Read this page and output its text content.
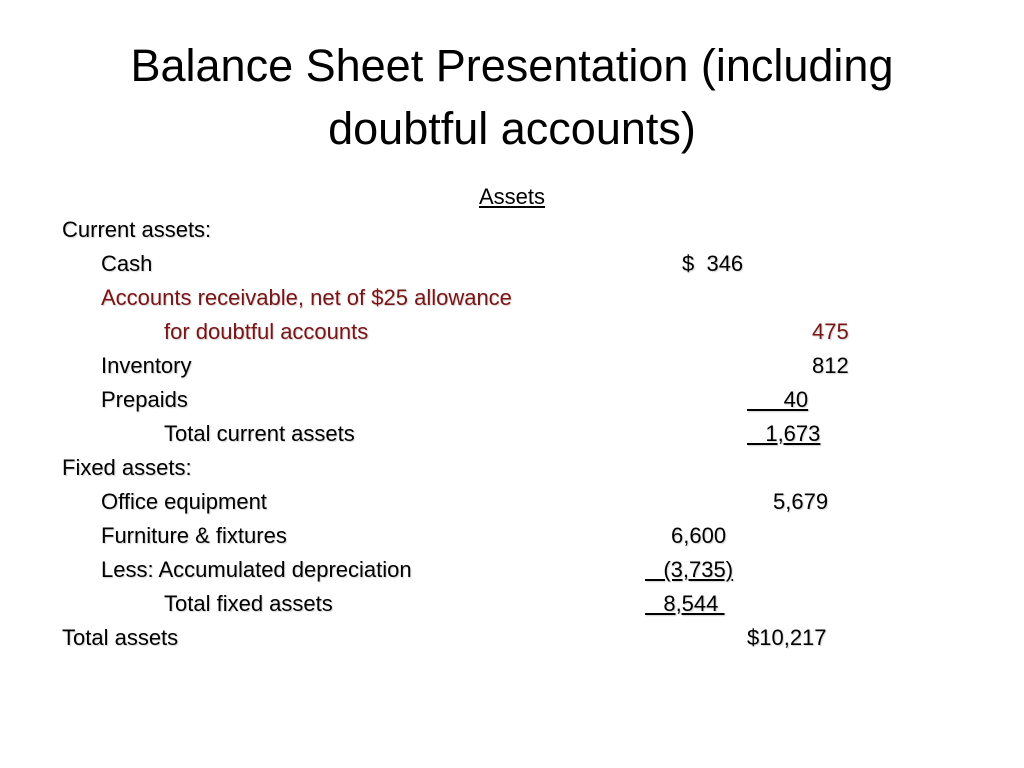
Balance Sheet Presentation (including
doubtful accounts)
Assets
Current assets:
Cash	$  346
Accounts receivable, net of $25 allowance
for doubtful accounts	475
Inventory	812
Prepaids	40
Total current assets	1,673
Fixed assets:
Office equipment	5,679
Furniture & fixtures	6,600
Less: Accumulated depreciation	(3,735)
Total fixed assets	8,544
Total assets	$10,217
